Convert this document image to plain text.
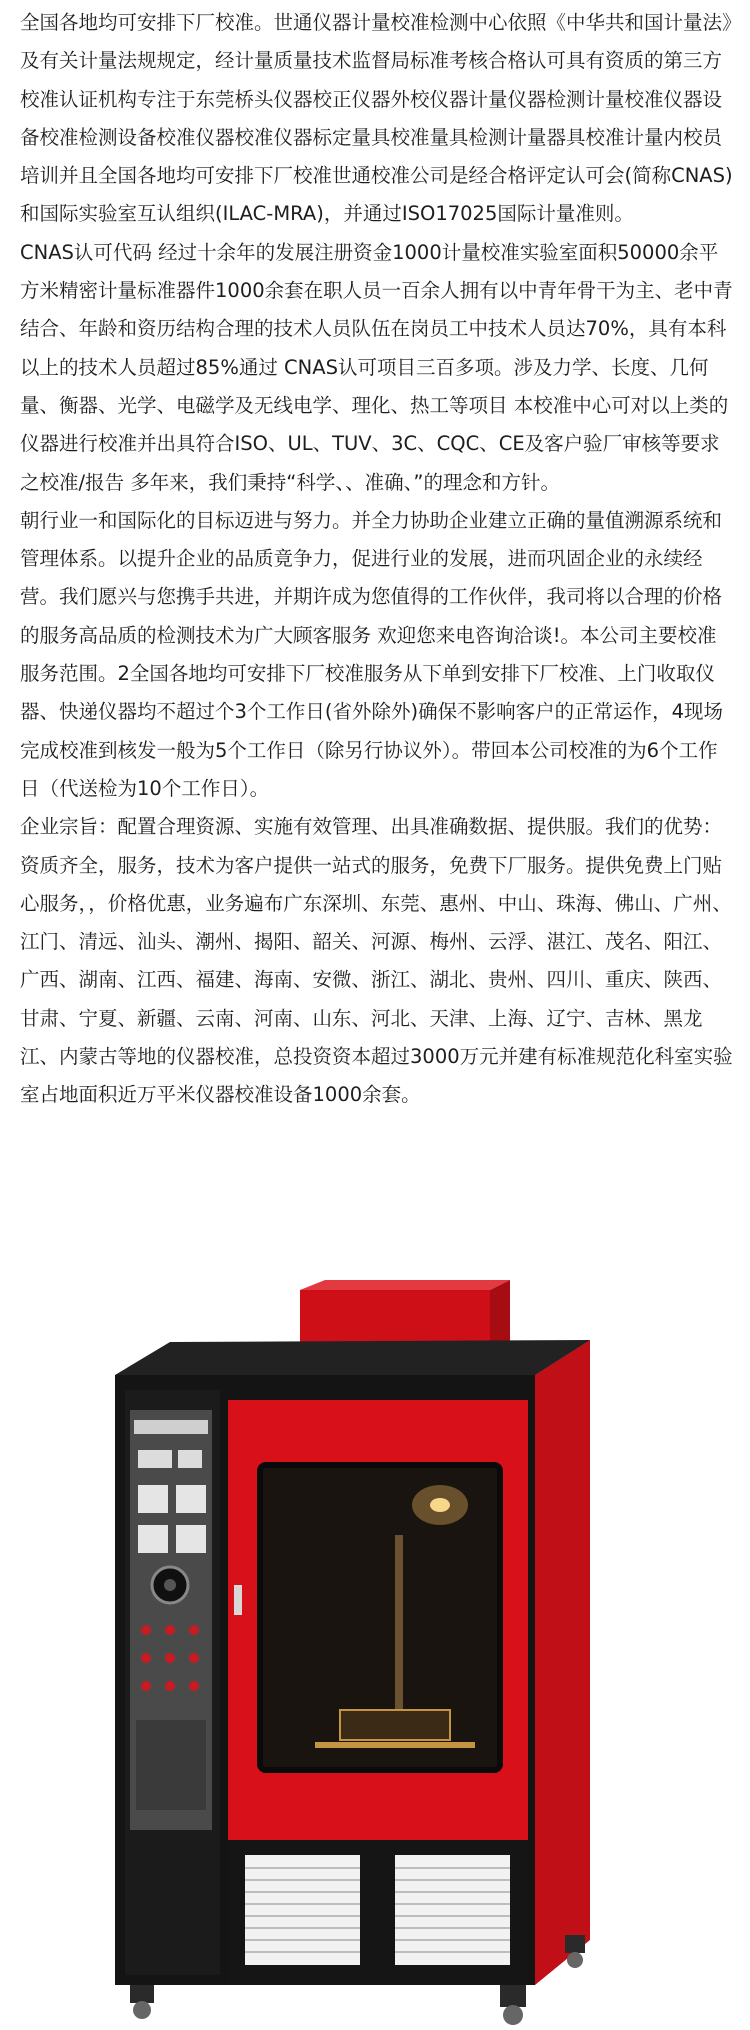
全国各地均可安排下厂校准。世通仪器计量校准检测中心依照《中华共和国计量法》及有关计量法规规定，经计量质量技术监督局标准考核合格认可具有资质的第三方校准认证机构专注于东莞桥头仪器校正仪器外校仪器计量仪器检测计量校准仪器设备校准检测设备校准仪器校准仪器标定量具校准量具检测计量器具校准计量内校员培训并且全国各地均可安排下厂校准世通校准公司是经合格评定认可会(简称CNAS)和国际实验室互认组织(ILAC-MRA)，并通过ISO17025国际计量准则。

CNAS认可代码 经过十余年的发展注册资金1000计量校准实验室面积50000余平方米精密计量标准器件1000余套在职人员一百余人拥有以中青年骨干为主、老中青结合、年龄和资历结构合理的技术人员队伍在岗员工中技术人员达70%，具有本科以上的技术人员超过85%通过 CNAS认可项目三百多项。涉及力学、长度、几何量、衡器、光学、电磁学及无线电学、理化、热工等项目 本校准中心可对以上类的仪器进行校准并出具符合ISO、UL、TUV、3C、CQC、CE及客户验厂审核等要求之校准/报告 多年来，我们秉持“科学、、准确、”的理念和方针。

朝行业一和国际化的目标迈进与努力。并全力协助企业建立正确的量值溯源系统和管理体系。以提升企业的品质竟争力，促进行业的发展，进而巩固企业的永续经营。我们愿兴与您携手共进，并期许成为您值得的工作伙伴，我司将以合理的价格的服务高品质的检测技术为广大顾客服务 欢迎您来电咨询洽谈!。本公司主要校准服务范围。2全国各地均可安排下厂校准服务从下单到安排下厂校准、上门收取仪器、快递仪器均不超过个3个工作日(省外除外)确保不影响客户的正常运作，4现场完成校准到核发一般为5个工作日（除另行协议外）。带回本公司校准的为6个工作日（代送检为10个工作日）。

企业宗旨：配置合理资源、实施有效管理、出具准确数据、提供服。我们的优势：资质齐全，服务，技术为客户提供一站式的服务，免费下厂服务。提供免费上门贴心服务，，价格优惠，业务遍布广东深圳、东莞、惠州、中山、珠海、佛山、广州、江门、清远、汕头、潮州、揭阳、韶关、河源、梅州、云浮、湛江、茂名、阳江、广西、湖南、江西、福建、海南、安微、浙江、湖北、贵州、四川、重庆、陕西、甘肃、宁夏、新疆、云南、河南、山东、河北、天津、上海、辽宁、吉林、黑龙江、内蒙古等地的仪器校准，总投资资本超过3000万元并建有标准规范化科室实验室占地面积近万平米仪器校准设备1000余套。
